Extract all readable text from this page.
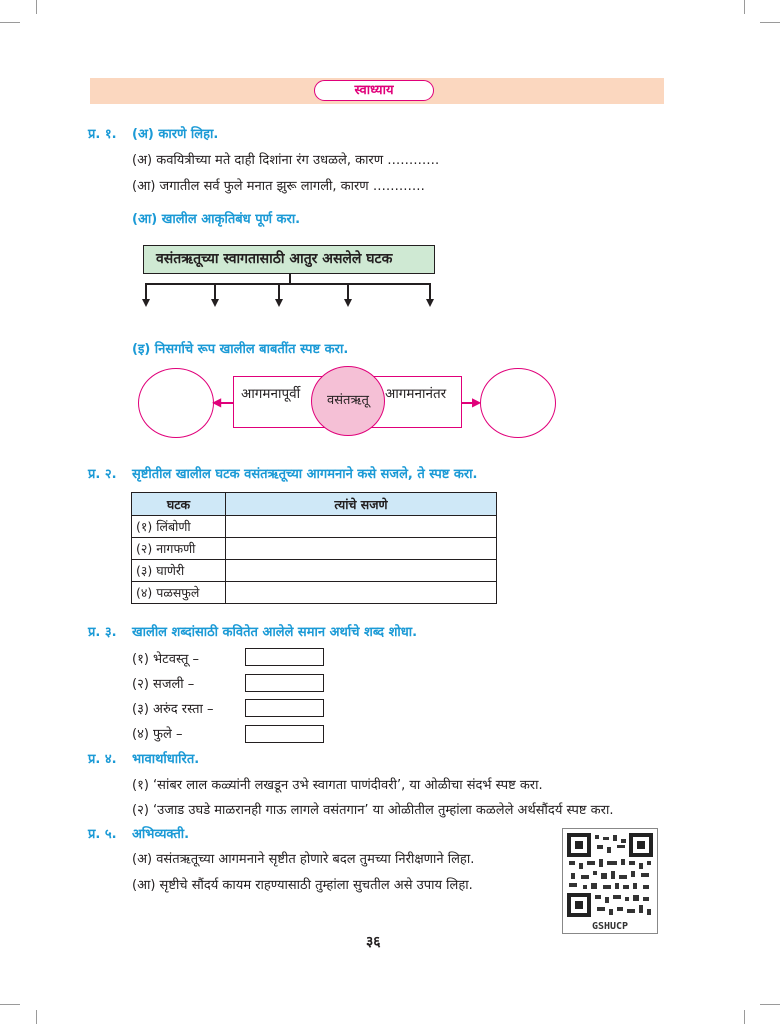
स्वाध्याय
प्र. १. (अ) कारणे लिहा.
(अ) कवयित्रीच्या मते दाही दिशांना रंग उधळले, कारण …………
(आ) जगातील सर्व फुले मनात झुरू लागली, कारण …………
(आ) खालील आकृतिबंध पूर्ण करा.
वसंतऋतूच्या स्वागतासाठी आतुर असलेले घटक
(इ) निसर्गाचे रूप खालील बाबतींत स्पष्ट करा.
◀	▶
आगमनापूर्वी	आगमनानंतर
वसंतऋतू
प्र. २. सृष्टीतील खालील घटक वसंतऋतूच्या आगमनाने कसे सजले, ते स्पष्ट करा.
घटक	त्यांचे सजणे
(१) लिंबोणी	
(२) नागफणी	
(३) घाणेरी	
(४) पळसफुले	
प्र. ३. खालील शब्दांसाठी कवितेत आलेले समान अर्थाचे शब्द शोधा.
(१) भेटवस्तू –
(२) सजली –
(३) अरुंद रस्ता –
(४) फुले –
प्र. ४. भावार्थाधारित.
(१) ‘सांबर लाल कळ्यांनी लखडून उभे स्वागता पाणंदीवरी’, या ओळीचा संदर्भ स्पष्ट करा.
(२) ‘उजाड उघडे माळरानही गाऊ लागले वसंतगान’ या ओळीतील तुम्हांला कळलेले अर्थसौंदर्य स्पष्ट करा.
प्र. ५. अभिव्यक्ती.
(अ) वसंतऋतूच्या आगमनाने सृष्टीत होणारे बदल तुमच्या निरीक्षणाने लिहा.
(आ) सृष्टीचे सौंदर्य कायम राहण्यासाठी तुम्हांला सुचतील असे उपाय लिहा.
GSHUCP
३६
